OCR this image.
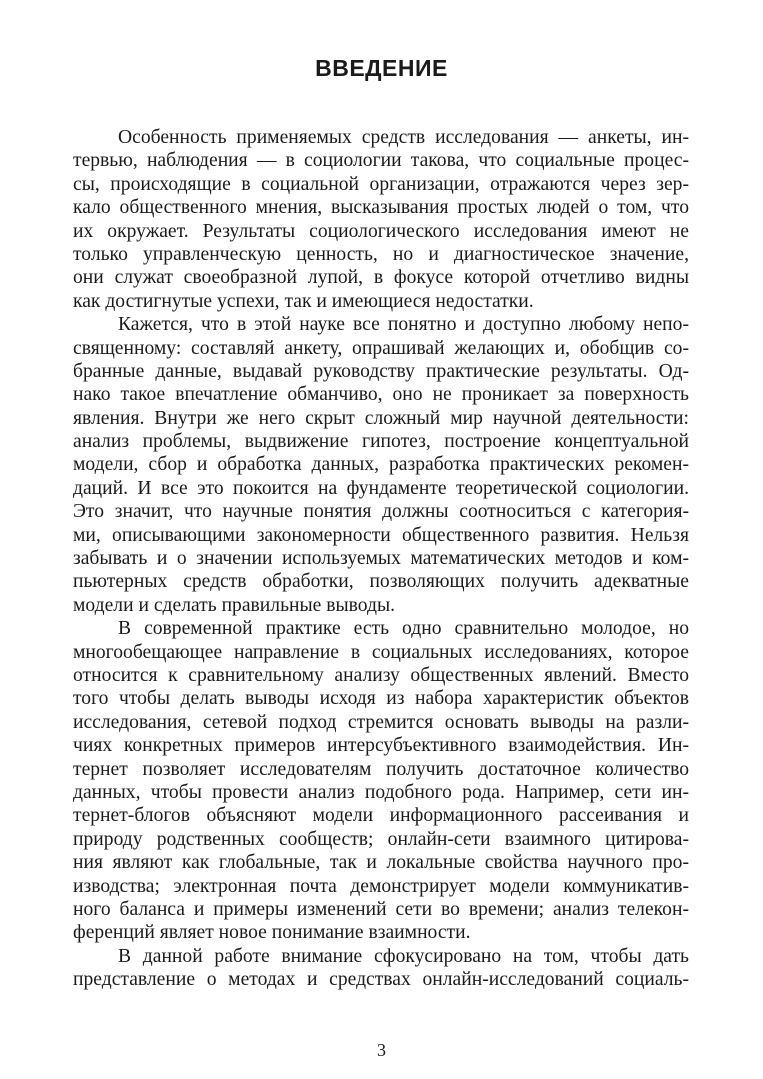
ВВЕДЕНИЕ
Особенность применяемых средств исследования — анкеты, ин-
тервью, наблюдения — в социологии такова, что социальные процес-
сы, происходящие в социальной организации, отражаются через зер-
кало общественного мнения, высказывания простых людей о том, что
их окружает. Результаты социологического исследования имеют не
только управленческую ценность, но и диагностическое значение,
они служат своеобразной лупой, в фокусе которой отчетливо видны
как достигнутые успехи, так и имеющиеся недостатки.
Кажется, что в этой науке все понятно и доступно любому непо-
священному: составляй анкету, опрашивай желающих и, обобщив со-
бранные данные, выдавай руководству практические результаты. Од-
нако такое впечатление обманчиво, оно не проникает за поверхность
явления. Внутри же него скрыт сложный мир научной деятельности:
анализ проблемы, выдвижение гипотез, построение концептуальной
модели, сбор и обработка данных, разработка практических рекомен-
даций. И все это покоится на фундаменте теоретической социологии.
Это значит, что научные понятия должны соотноситься с категория-
ми, описывающими закономерности общественного развития. Нельзя
забывать и о значении используемых математических методов и ком-
пьютерных средств обработки, позволяющих получить адекватные
модели и сделать правильные выводы.
В современной практике есть одно сравнительно молодое, но
многообещающее направление в социальных исследованиях, которое
относится к сравнительному анализу общественных явлений. Вместо
того чтобы делать выводы исходя из набора характеристик объектов
исследования, сетевой подход стремится основать выводы на разли-
чиях конкретных примеров интерсубъективного взаимодействия. Ин-
тернет позволяет исследователям получить достаточное количество
данных, чтобы провести анализ подобного рода. Например, сети ин-
тернет-блогов объясняют модели информационного рассеивания и
природу родственных сообществ; онлайн-сети взаимного цитирова-
ния являют как глобальные, так и локальные свойства научного про-
изводства; электронная почта демонстрирует модели коммуникатив-
ного баланса и примеры изменений сети во времени; анализ телекон-
ференций являет новое понимание взаимности.
В данной работе внимание сфокусировано на том, чтобы дать
представление о методах и средствах онлайн-исследований социаль-

3
